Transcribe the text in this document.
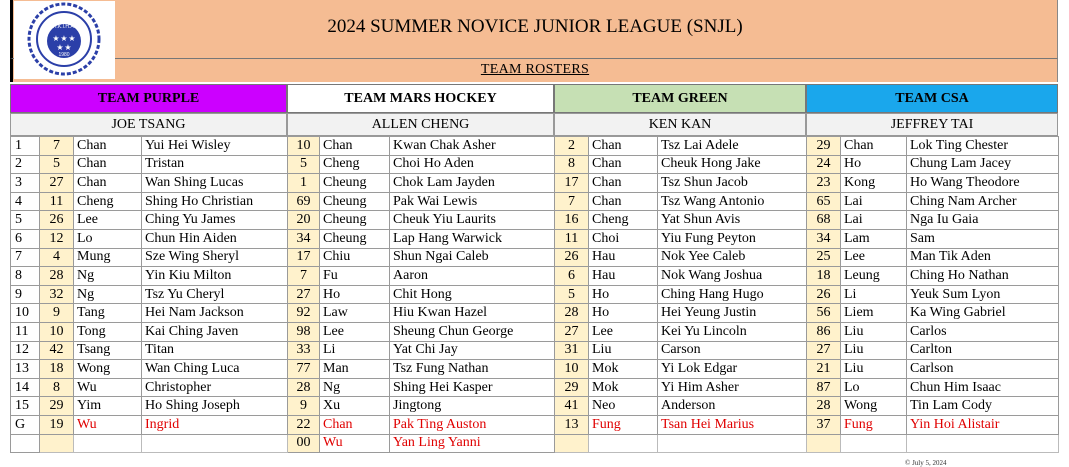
2024 SUMMER NOVICE JUNIOR LEAGUE (SNJL)
TEAM ROSTERS
H.K.I.H.A.
★ ★ ★
★ ★
1980
TEAM PURPLE	TEAM MARS HOCKEY	TEAM GREEN	TEAM CSA
JOE TSANG	ALLEN CHENG	KEN KAN	JEFFREY TAI
1	7	Chan	Yui Hei Wisley	10	Chan	Kwan Chak Asher	2	Chan	Tsz Lai Adele	29	Chan	Lok Ting Chester
2	5	Chan	Tristan	5	Cheng	Choi Ho Aden	8	Chan	Cheuk Hong Jake	24	Ho	Chung Lam Jacey
3	27	Chan	Wan Shing Lucas	1	Cheung	Chok Lam Jayden	17	Chan	Tsz Shun Jacob	23	Kong	Ho Wang Theodore
4	11	Cheng	Shing Ho Christian	69	Cheung	Pak Wai Lewis	7	Chan	Tsz Wang Antonio	65	Lai	Ching Nam Archer
5	26	Lee	Ching Yu James	20	Cheung	Cheuk Yiu Laurits	16	Cheng	Yat Shun Avis	68	Lai	Nga Iu Gaia
6	12	Lo	Chun Hin Aiden	34	Cheung	Lap Hang Warwick	11	Choi	Yiu Fung Peyton	34	Lam	Sam
7	4	Mung	Sze Wing Sheryl	17	Chiu	Shun Ngai Caleb	26	Hau	Nok Yee Caleb	25	Lee	Man Tik Aden
8	28	Ng	Yin Kiu Milton	7	Fu	Aaron	6	Hau	Nok Wang Joshua	18	Leung	Ching Ho Nathan
9	32	Ng	Tsz Yu Cheryl	27	Ho	Chit Hong	5	Ho	Ching Hang Hugo	26	Li	Yeuk Sum Lyon
10	9	Tang	Hei Nam Jackson	92	Law	Hiu Kwan Hazel	28	Ho	Hei Yeung Justin	56	Liem	Ka Wing Gabriel
11	10	Tong	Kai Ching Javen	98	Lee	Sheung Chun George	27	Lee	Kei Yu Lincoln	86	Liu	Carlos
12	42	Tsang	Titan	33	Li	Yat Chi Jay	31	Liu	Carson	27	Liu	Carlton
13	18	Wong	Wan Ching Luca	77	Man	Tsz Fung Nathan	10	Mok	Yi Lok Edgar	21	Liu	Carlson
14	8	Wu	Christopher	28	Ng	Shing Hei Kasper	29	Mok	Yi Him Asher	87	Lo	Chun Him Isaac
15	29	Yim	Ho Shing Joseph	9	Xu	Jingtong	41	Neo	Anderson	28	Wong	Tin Lam Cody
G	19	Wu	Ingrid	22	Chan	Pak Ting Auston	13	Fung	Tsan Hei Marius	37	Fung	Yin Hoi Alistair
				00	Wu	Yan Ling Yanni						
© July 5, 2024
